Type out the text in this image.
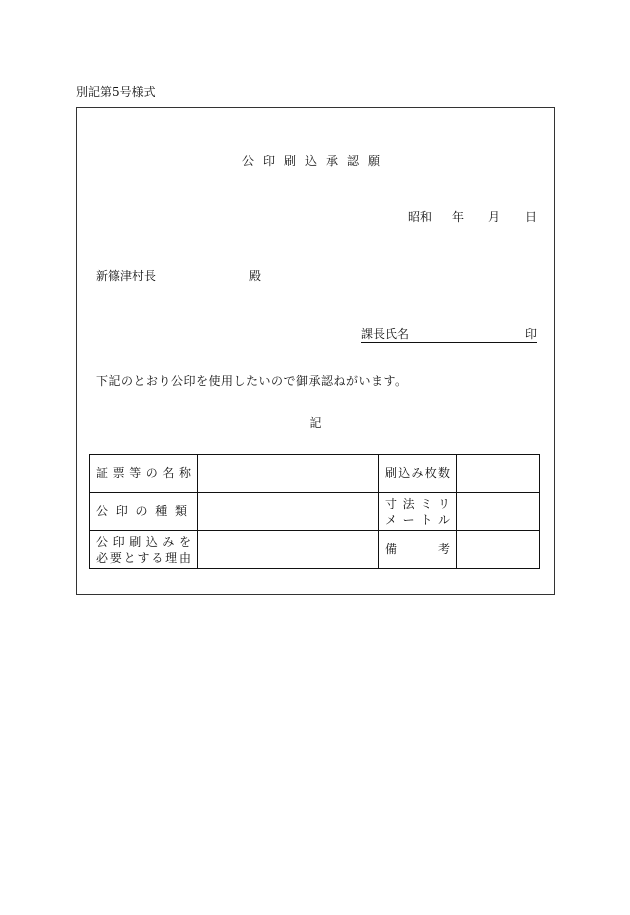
別記第5号様式
公印刷込承認願
昭和 年 月 日
新篠津村長	殿
課長氏名	印
下記のとおり公印を使用したいので御承認ねがいます。
記
証票等の名称		刷込み枚数	

公印の種類		寸法ミリ
メートル	

公印刷込みを
必要とする理由		備考	
